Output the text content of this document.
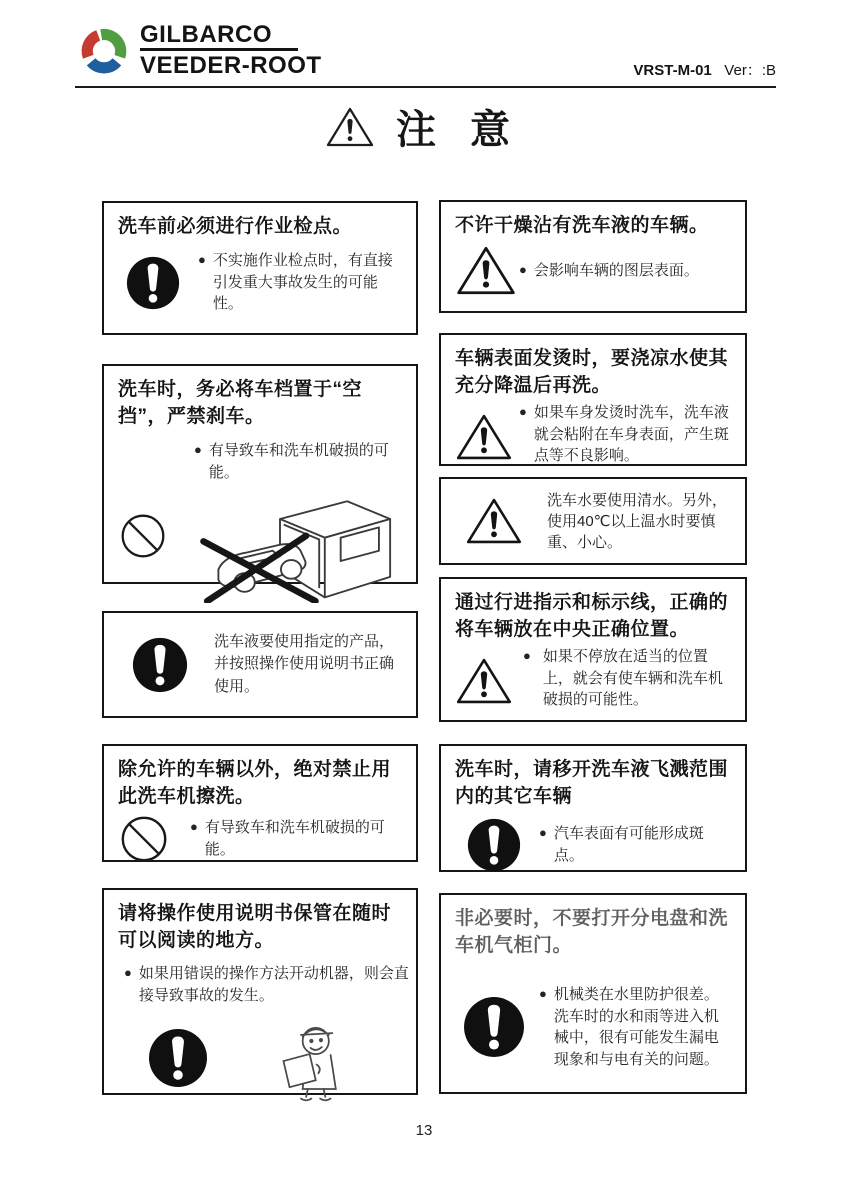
GILBARCO
VEEDER-ROOT	VRST-M-01 Ver：:B
注 意
洗车前必须进行作业检点。
● 不实施作业检点时，有直接引发重大事故发生的可能性。
洗车时，务必将车档置于“空挡”，严禁刹车。
● 有导致车和洗车机破损的可能。
洗车液要使用指定的产品，并按照操作使用说明书正确使用。
除允许的车辆以外，绝对禁止用此洗车机擦洗。
● 有导致车和洗车机破损的可能。
请将操作使用说明书保管在随时可以阅读的地方。
● 如果用错误的操作方法开动机器，则会直接导致事故的发生。
不许干燥沾有洗车液的车辆。
● 会影响车辆的图层表面。
车辆表面发烫时，要浇凉水使其充分降温后再洗。
● 如果车身发烫时洗车，洗车液就会粘附在车身表面，产生斑点等不良影响。
洗车水要使用清水。另外，使用40℃以上温水时要慎重、小心。
通过行进指示和标示线，正确的将车辆放在中央正确位置。
● 如果不停放在适当的位置上，就会有使车辆和洗车机破损的可能性。
洗车时，请移开洗车液飞溅范围内的其它车辆
● 汽车表面有可能形成斑点。
非必要时，不要打开分电盘和洗车机气柜门。
● 机械类在水里防护很差。洗车时的水和雨等进入机械中，很有可能发生漏电现象和与电有关的问题。
13
